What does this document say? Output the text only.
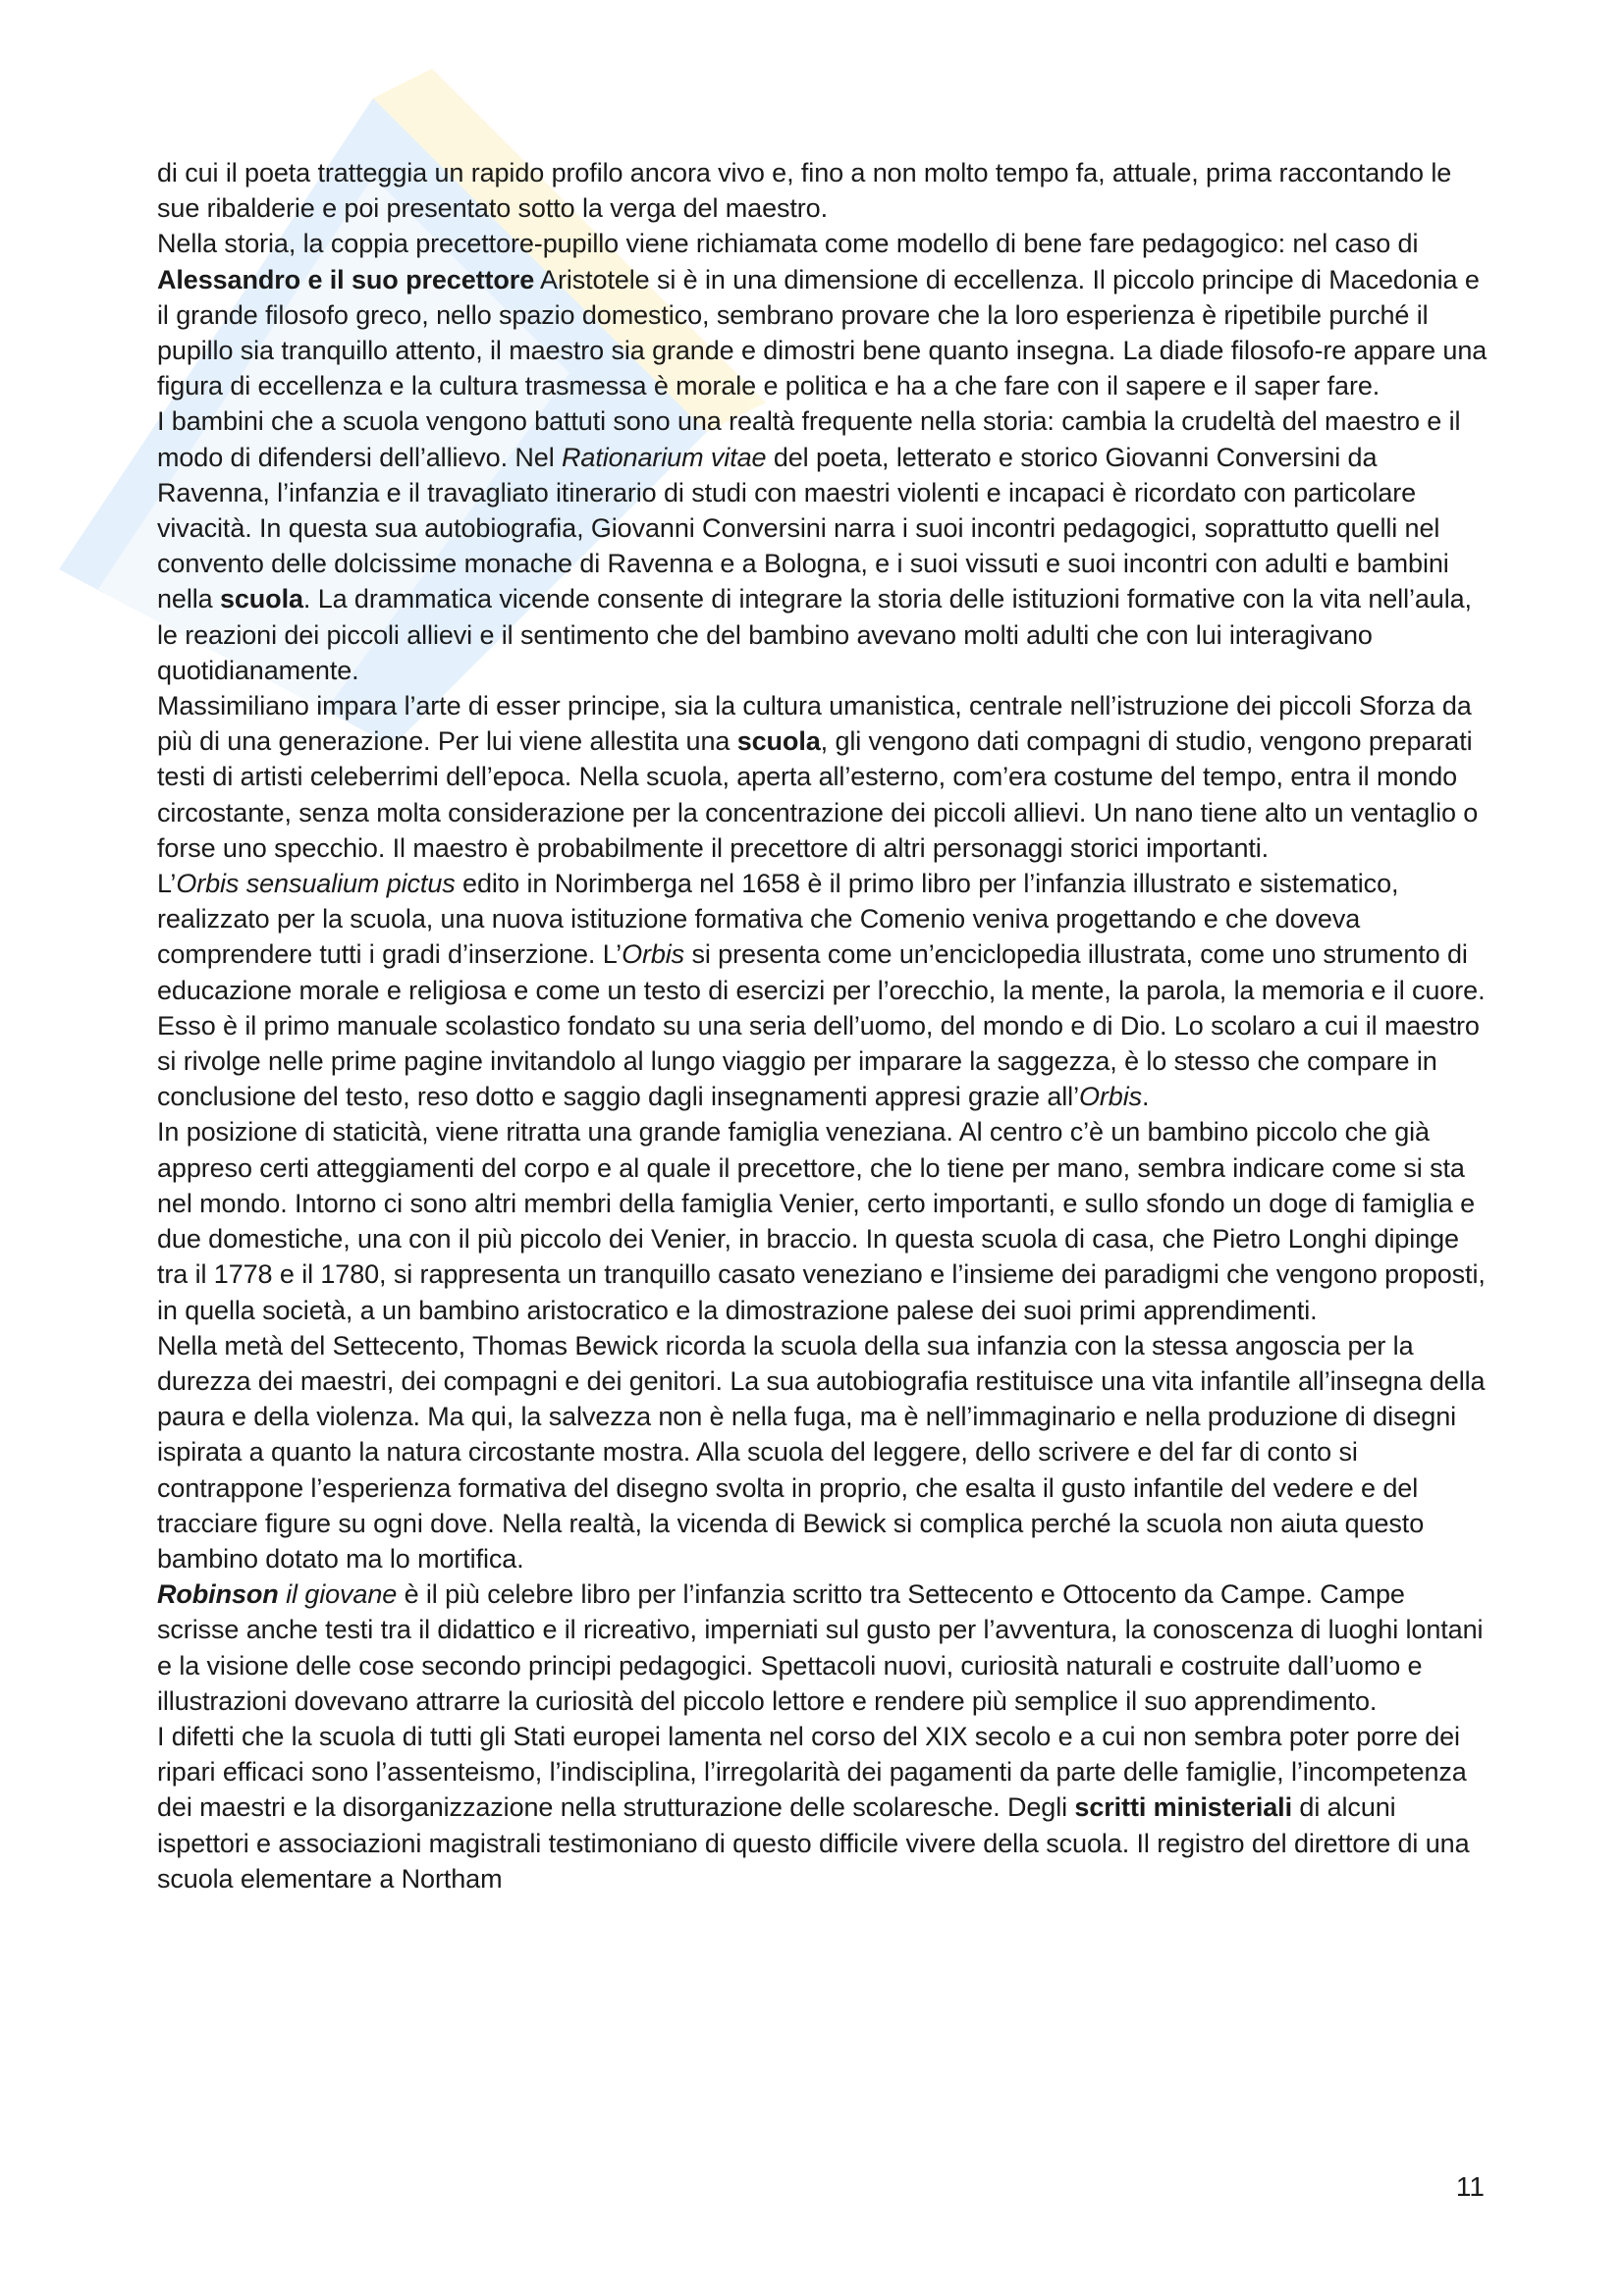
di cui il poeta tratteggia un rapido profilo ancora vivo e, fino a non molto tempo fa, attuale, prima raccontando le sue ribalderie e poi presentato sotto la verga del maestro.

Nella storia, la coppia precettore-pupillo viene richiamata come modello di bene fare pedagogico: nel caso di Alessandro e il suo precettore Aristotele si è in una dimensione di eccellenza. Il piccolo principe di Macedonia e il grande filosofo greco, nello spazio domestico, sembrano provare che la loro esperienza è ripetibile purché il pupillo sia tranquillo attento, il maestro sia grande e dimostri bene quanto insegna. La diade filosofo-re appare una figura di eccellenza e la cultura trasmessa è morale e politica e ha a che fare con il sapere e il saper fare.

I bambini che a scuola vengono battuti sono una realtà frequente nella storia: cambia la crudeltà del maestro e il modo di difendersi dell’allievo. Nel Rationarium vitae del poeta, letterato e storico Giovanni Conversini da Ravenna, l’infanzia e il travagliato itinerario di studi con maestri violenti e incapaci è ricordato con particolare vivacità. In questa sua autobiografia, Giovanni Conversini narra i suoi incontri pedagogici, soprattutto quelli nel convento delle dolcissime monache di Ravenna e a Bologna, e i suoi vissuti e suoi incontri con adulti e bambini nella scuola. La drammatica vicende consente di integrare la storia delle istituzioni formative con la vita nell’aula, le reazioni dei piccoli allievi e il sentimento che del bambino avevano molti adulti che con lui interagivano quotidianamente.

Massimiliano impara l’arte di esser principe, sia la cultura umanistica, centrale nell’istruzione dei piccoli Sforza da più di una generazione. Per lui viene allestita una scuola, gli vengono dati compagni di studio, vengono preparati testi di artisti celeberrimi dell’epoca. Nella scuola, aperta all’esterno, com’era costume del tempo, entra il mondo circostante, senza molta considerazione per la concentrazione dei piccoli allievi. Un nano tiene alto un ventaglio o forse uno specchio. Il maestro è probabilmente il precettore di altri personaggi storici importanti.

L’Orbis sensualium pictus edito in Norimberga nel 1658 è il primo libro per l’infanzia illustrato e sistematico, realizzato per la scuola, una nuova istituzione formativa che Comenio veniva progettando e che doveva comprendere tutti i gradi d’inserzione. L’Orbis si presenta come un’enciclopedia illustrata, come uno strumento di educazione morale e religiosa e come un testo di esercizi per l’orecchio, la mente, la parola, la memoria e il cuore. Esso è il primo manuale scolastico fondato su una seria dell’uomo, del mondo e di Dio. Lo scolaro a cui il maestro si rivolge nelle prime pagine invitandolo al lungo viaggio per imparare la saggezza, è lo stesso che compare in conclusione del testo, reso dotto e saggio dagli insegnamenti appresi grazie all’Orbis.

In posizione di staticità, viene ritratta una grande famiglia veneziana. Al centro c’è un bambino piccolo che già appreso certi atteggiamenti del corpo e al quale il precettore, che lo tiene per mano, sembra indicare come si sta nel mondo. Intorno ci sono altri membri della famiglia Venier, certo importanti, e sullo sfondo un doge di famiglia e due domestiche, una con il più piccolo dei Venier, in braccio. In questa scuola di casa, che Pietro Longhi dipinge tra il 1778 e il 1780, si rappresenta un tranquillo casato veneziano e l’insieme dei paradigmi che vengono proposti, in quella società, a un bambino aristocratico e la dimostrazione palese dei suoi primi apprendimenti.

Nella metà del Settecento, Thomas Bewick ricorda la scuola della sua infanzia con la stessa angoscia per la durezza dei maestri, dei compagni e dei genitori. La sua autobiografia restituisce una vita infantile all’insegna della paura e della violenza. Ma qui, la salvezza non è nella fuga, ma è nell’immaginario e nella produzione di disegni ispirata a quanto la natura circostante mostra. Alla scuola del leggere, dello scrivere e del far di conto si contrappone l’esperienza formativa del disegno svolta in proprio, che esalta il gusto infantile del vedere e del tracciare figure su ogni dove. Nella realtà, la vicenda di Bewick si complica perché la scuola non aiuta questo bambino dotato ma lo mortifica.

Robinson il giovane è il più celebre libro per l’infanzia scritto tra Settecento e Ottocento da Campe. Campe scrisse anche testi tra il didattico e il ricreativo, imperniati sul gusto per l’avventura, la conoscenza di luoghi lontani e la visione delle cose secondo principi pedagogici. Spettacoli nuovi, curiosità naturali e costruite dall’uomo e illustrazioni dovevano attrarre la curiosità del piccolo lettore e rendere più semplice il suo apprendimento.

I difetti che la scuola di tutti gli Stati europei lamenta nel corso del XIX secolo e a cui non sembra poter porre dei ripari efficaci sono l’assenteismo, l’indisciplina, l’irregolarità dei pagamenti da parte delle famiglie, l’incompetenza dei maestri e la disorganizzazione nella strutturazione delle scolaresche. Degli scritti ministeriali di alcuni ispettori e associazioni magistrali testimoniano di questo difficile vivere della scuola. Il registro del direttore di una scuola elementare a Northam

11
